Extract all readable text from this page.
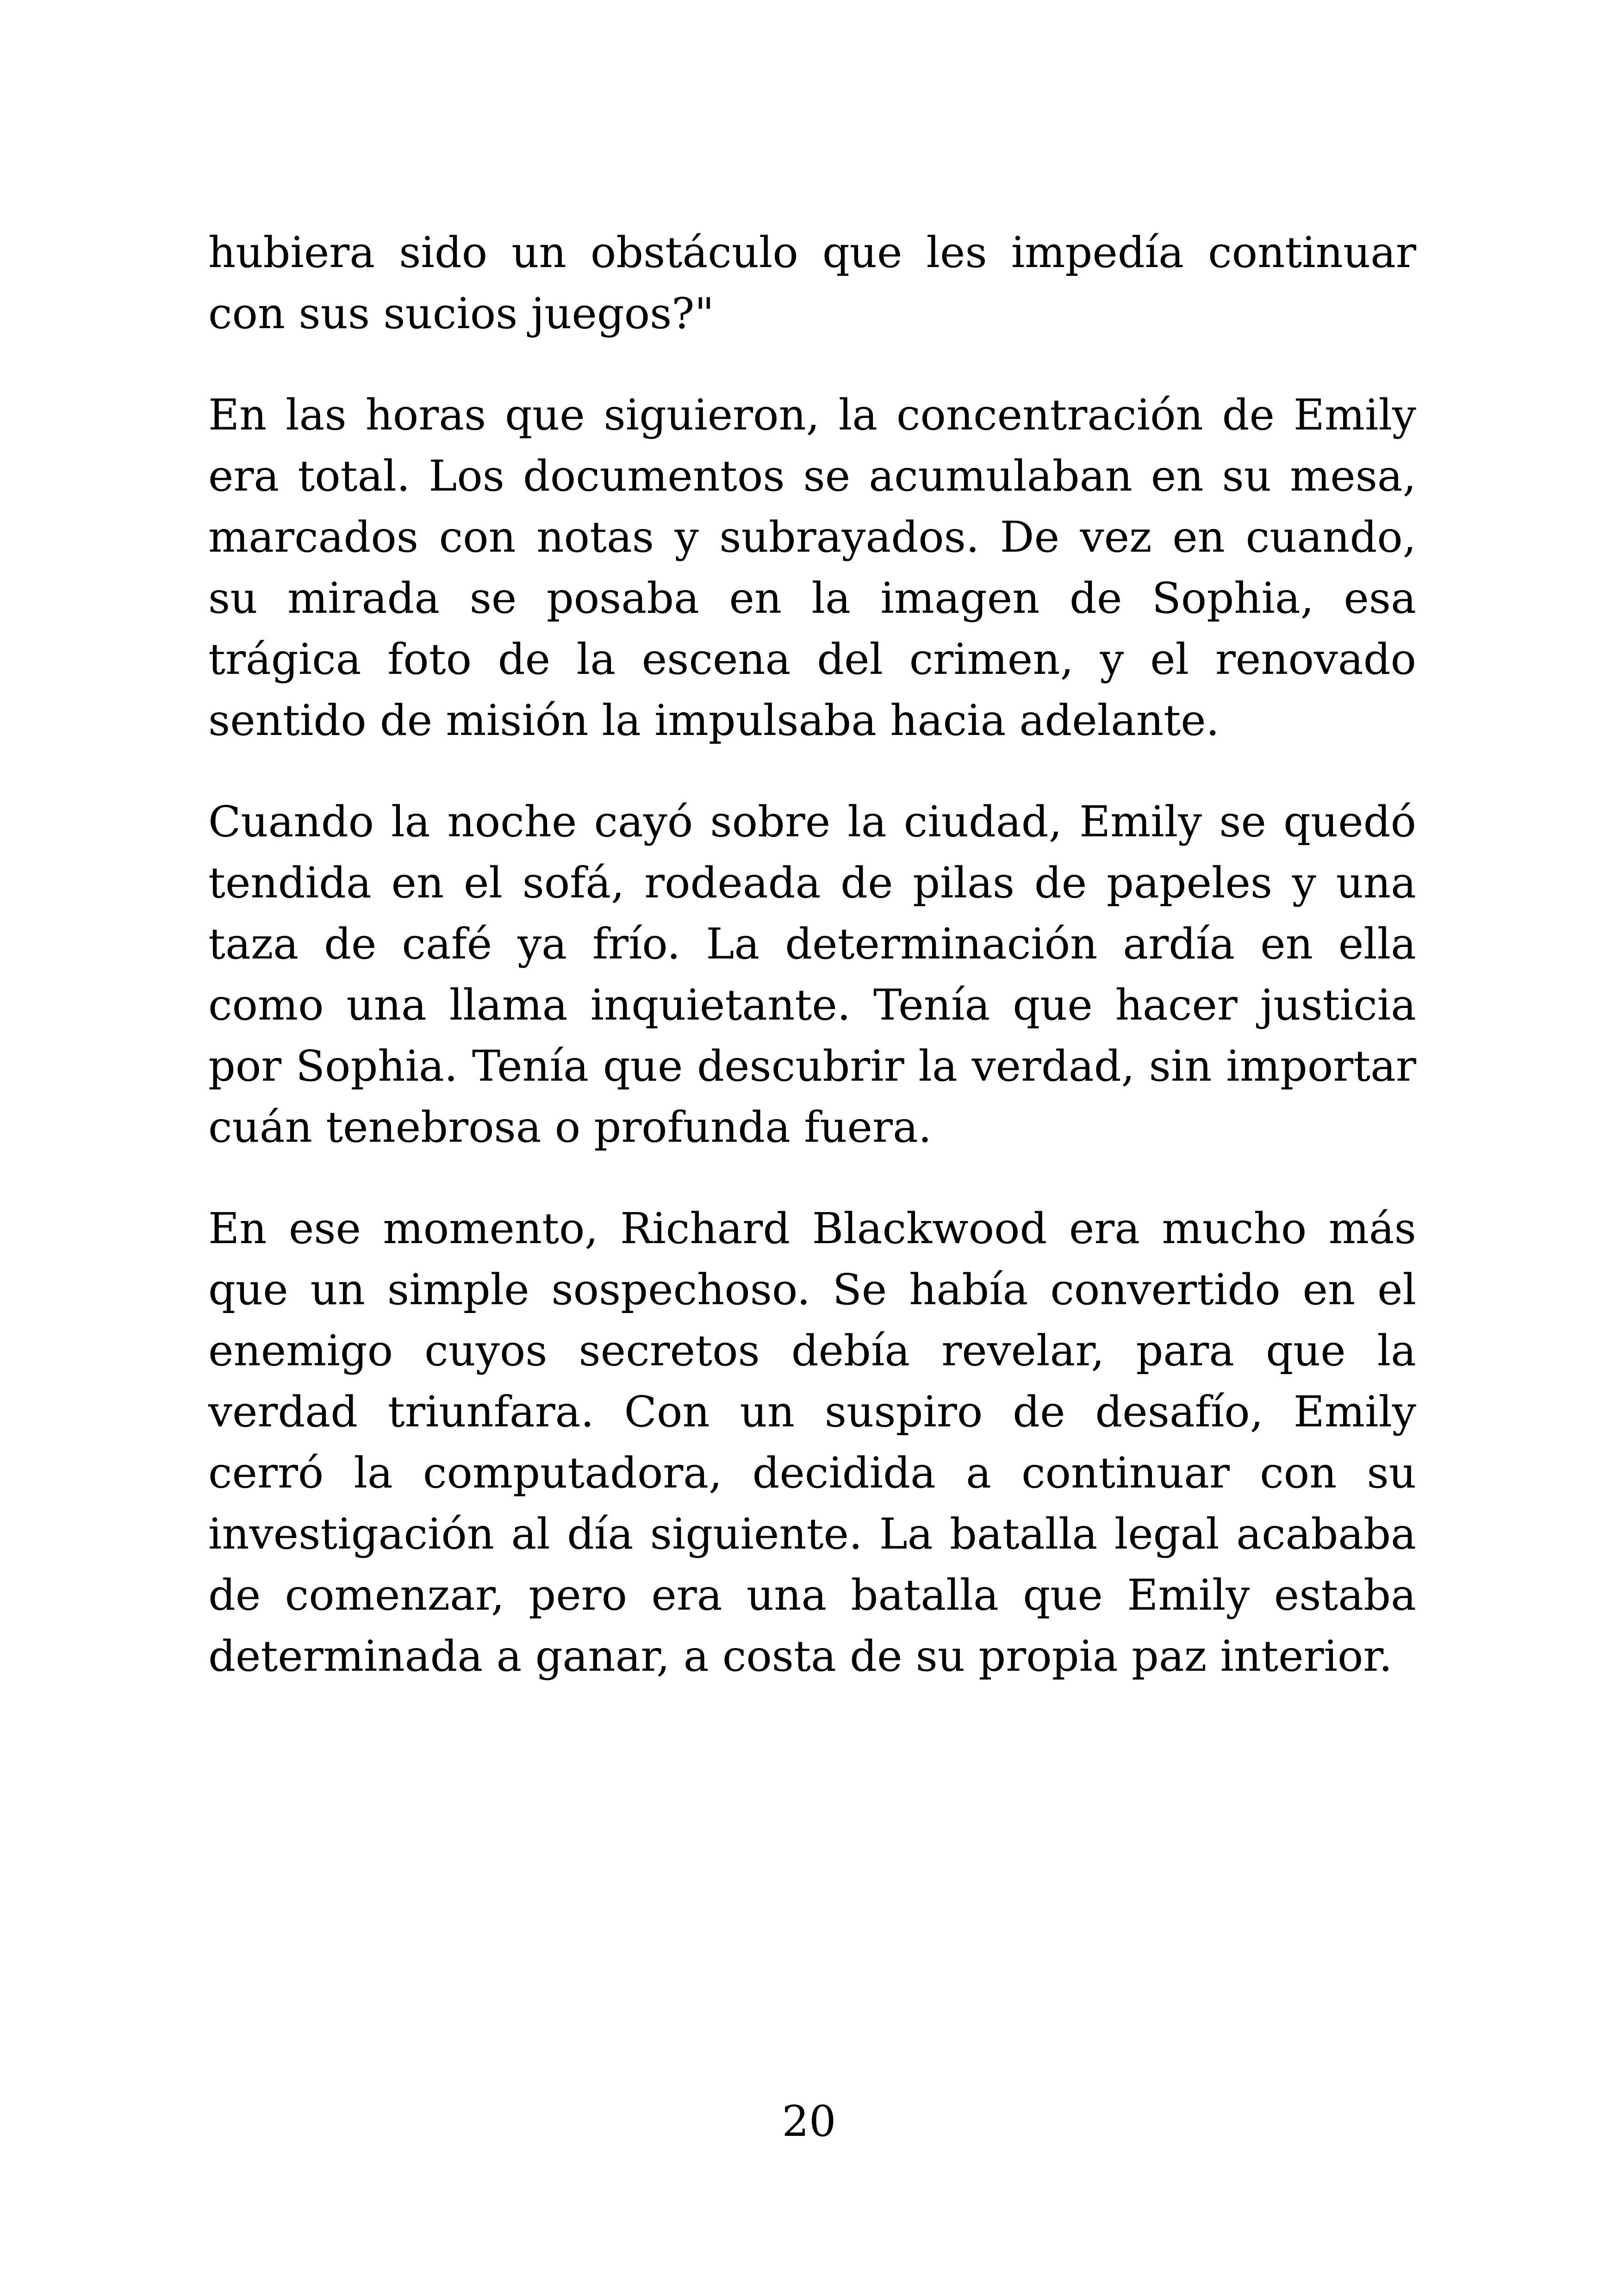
hubiera sido un obstáculo que les impedía continuar con sus sucios juegos?"

En las horas que siguieron, la concentración de Emily era total. Los documentos se acumulaban en su mesa, marcados con notas y subrayados. De vez en cuando, su mirada se posaba en la imagen de Sophia, esa trágica foto de la escena del crimen, y el renovado sentido de misión la impulsaba hacia adelante.

Cuando la noche cayó sobre la ciudad, Emily se quedó tendida en el sofá, rodeada de pilas de papeles y una taza de café ya frío. La determinación ardía en ella como una llama inquietante. Tenía que hacer justicia por Sophia. Tenía que descubrir la verdad, sin importar cuán tenebrosa o profunda fuera.

En ese momento, Richard Blackwood era mucho más que un simple sospechoso. Se había convertido en el enemigo cuyos secretos debía revelar, para que la verdad triunfara. Con un suspiro de desafío, Emily cerró la computadora, decidida a continuar con su investigación al día siguiente. La batalla legal acababa de comenzar, pero era una batalla que Emily estaba determinada a ganar, a costa de su propia paz interior.

20
